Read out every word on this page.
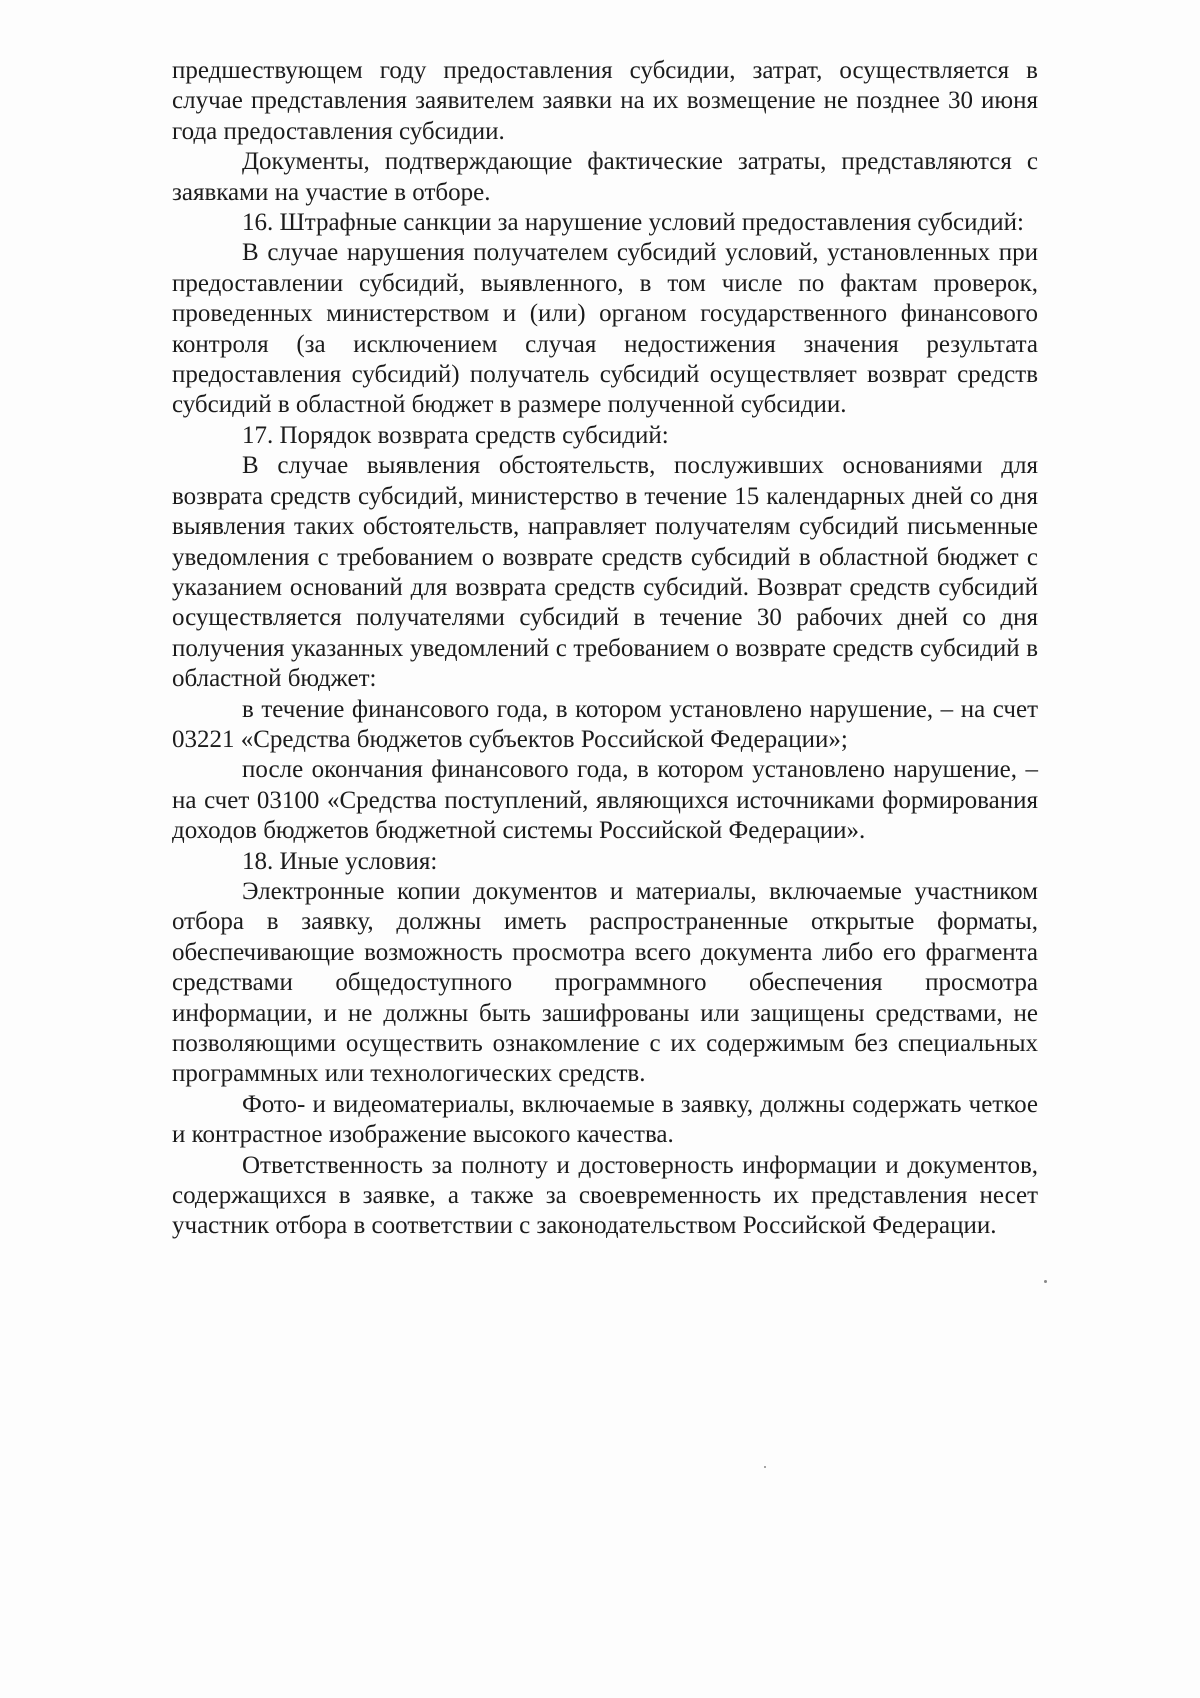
предшествующем году предоставления субсидии, затрат, осуществляется в случае представления заявителем заявки на их возмещение не позднее 30 июня года предоставления субсидии.

Документы, подтверждающие фактические затраты, представляются с заявками на участие в отборе.

16. Штрафные санкции за нарушение условий предоставления субсидий:

В случае нарушения получателем субсидий условий, установленных при предоставлении субсидий, выявленного, в том числе по фактам проверок, проведенных министерством и (или) органом государственного финансового контроля (за исключением случая недостижения значения результата предоставления субсидий) получатель субсидий осуществляет возврат средств субсидий в областной бюджет в размере полученной субсидии.

17. Порядок возврата средств субсидий:

В случае выявления обстоятельств, послуживших основаниями для возврата средств субсидий, министерство в течение 15 календарных дней со дня выявления таких обстоятельств, направляет получателям субсидий письменные уведомления с требованием о возврате средств субсидий в областной бюджет с указанием оснований для возврата средств субсидий. Возврат средств субсидий осуществляется получателями субсидий в течение 30 рабочих дней со дня получения указанных уведомлений с требованием о возврате средств субсидий в областной бюджет:

в течение финансового года, в котором установлено нарушение, – на счет 03221 «Средства бюджетов субъектов Российской Федерации»;

после окончания финансового года, в котором установлено нарушение, – на счет 03100 «Средства поступлений, являющихся источниками формирования доходов бюджетов бюджетной системы Российской Федерации».

18. Иные условия:

Электронные копии документов и материалы, включаемые участником отбора в заявку, должны иметь распространенные открытые форматы, обеспечивающие возможность просмотра всего документа либо его фрагмента средствами общедоступного программного обеспечения просмотра информации, и не должны быть зашифрованы или защищены средствами, не позволяющими осуществить ознакомление с их содержимым без специальных программных или технологических средств.

Фото- и видеоматериалы, включаемые в заявку, должны содержать четкое и контрастное изображение высокого качества.

Ответственность за полноту и достоверность информации и документов, содержащихся в заявке, а также за своевременность их представления несет участник отбора в соответствии с законодательством Российской Федерации.
